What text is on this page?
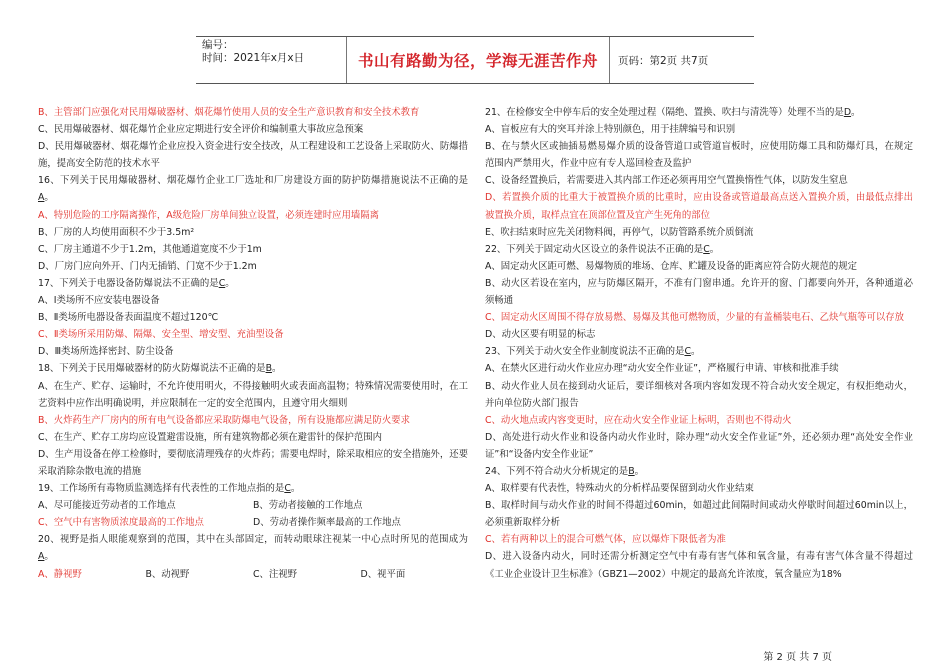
编号：
时间：2021年x月x日	书山有路勤为径，学海无涯苦作舟 页码：第2页 共7页

B、主管部门应强化对民用爆破器材、烟花爆竹使用人员的安全生产意识教育和安全技术教育

C、民用爆破器材、烟花爆竹企业应定期进行安全评价和编制重大事故应急预案

D、民用爆破器材、烟花爆竹企业应投入资金进行安全技改，从工程建设和工艺设备上采取防火、防爆措施，提高安全防范的技术水平

16、下列关于民用爆破器材、烟花爆竹企业工厂选址和厂房建设方面的防护防爆措施说法不正确的是A。

A、特别危险的工序隔离操作，A级危险厂房单间独立设置，必须连建时应用墙隔离

B、厂房的人均使用面积不少于3.5m²

C、厂房主通道不少于1.2m，其他通道宽度不少于1m

D、厂房门应向外开、门内无插销、门宽不少于1.2m

17、下列关于电器设备防爆说法不正确的是C。

A、Ⅰ类场所不应安装电器设备

B、Ⅱ类场所电器设备表面温度不超过120℃

C、Ⅱ类场所采用防爆、隔爆、安全型、增安型、充油型设备

D、Ⅲ类场所选择密封、防尘设备

18、下列关于民用爆破器材的防火防爆说法不正确的是B。

A、在生产、贮存、运输时，不允许使用明火，不得接触明火或表面高温物；特殊情况需要使用时，在工艺资料中应作出明确说明，并应限制在一定的安全范围内，且遵守用火细则

B、火炸药生产厂房内的所有电气设备都应采取防爆电气设备，所有设施都应满足防火要求

C、在生产、贮存工房均应设置避雷设施，所有建筑物都必须在避雷针的保护范围内

D、生产用设备在停工检修时，要彻底清理残存的火炸药；需要电焊时，除采取相应的安全措施外，还要采取消除杂散电流的措施

19、工作场所有毒物质监测选择有代表性的工作地点指的是C。

A、尽可能接近劳动者的工作地点	B、劳动者接触的工作地点
C、空气中有害物质浓度最高的工作地点	D、劳动者操作频率最高的工作地点

20、视野是指人眼能观察到的范围，其中在头部固定，而转动眼球注视某一中心点时所见的范围成为A。

A、静视野	B、动视野	C、注视野	D、视平面

21、在检修安全中停车后的安全处理过程（隔绝、置换、吹扫与清洗等）处理不当的是D。

A、盲板应有大的突耳并涂上特别颜色，用于挂牌编号和识别

B、在与禁火区或抽插易燃易爆介质的设备管道口或管道盲板时，应使用防爆工具和防爆灯具，在规定范围内严禁用火，作业中应有专人巡回检查及监护

C、设备经置换后，若需要进入其内部工作还必须再用空气置换惰性气体，以防发生窒息

D、若置换介质的比重大于被置换介质的比重时，应由设备或管道最高点送入置换介质，由最低点排出被置换介质，取样点宜在顶部位置及宜产生死角的部位

E、吹扫结束时应先关闭物料阀，再停气，以防管路系统介质倒流

22、下列关于固定动火区设立的条件说法不正确的是C。

A、固定动火区距可燃、易爆物质的堆场、仓库、贮罐及设备的距离应符合防火规范的规定

B、动火区若设在室内，应与防爆区隔开，不准有门窗串通。允许开的窗、门都要向外开，各种通道必须畅通

C、固定动火区周围不得存放易燃、易爆及其他可燃物质，少量的有盖桶装电石、乙炔气瓶等可以存放

D、动火区要有明显的标志

23、下列关于动火安全作业制度说法不正确的是C。

A、在禁火区进行动火作业应办理“动火安全作业证”，严格履行申请、审核和批准手续

B、动火作业人员在接到动火证后，要详细核对各项内容如发现不符合动火安全规定，有权拒绝动火，并向单位防火部门报告

C、动火地点或内容变更时，应在动火安全作业证上标明，否则也不得动火

D、高处进行动火作业和设备内动火作业时，除办理“动火安全作业证”外，还必须办理“高处安全作业证”和“设备内安全作业证”

24、下列不符合动火分析规定的是B。

A、取样要有代表性，特殊动火的分析样品要保留到动火作业结束

B、取样时间与动火作业的时间不得超过60min，如超过此间隔时间或动火停歇时间超过60min以上，必须重新取样分析

C、若有两种以上的混合可燃气体，应以爆炸下限低者为准

D、进入设备内动火，同时还需分析测定空气中有毒有害气体和氧含量，有毒有害气体含量不得超过《工业企业设计卫生标准》（GBZ1—2002）中规定的最高允许浓度，氧含量应为18%

第 2 页 共 7 页
